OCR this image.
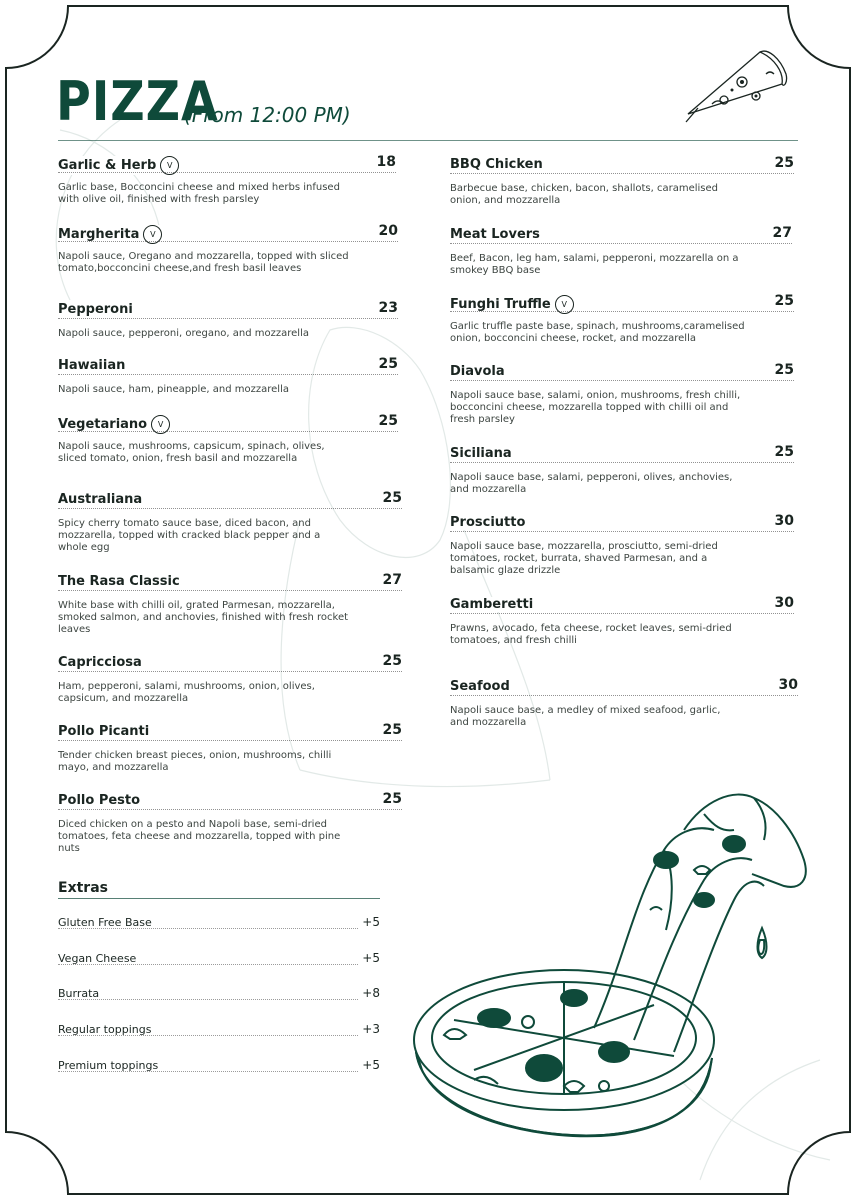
PIZZA
(From 12:00 PM)
Garlic & Herb V	18
Garlic base, Bocconcini cheese and mixed herbs infused with olive oil, finished with fresh parsley
Margherita V	20
Napoli sauce, Oregano and mozzarella, topped with sliced tomato,bocconcini cheese,and fresh basil leaves
Pepperoni	23
Napoli sauce, pepperoni, oregano, and mozzarella
Hawaiian	25
Napoli sauce, ham, pineapple, and mozzarella
Vegetariano V	25
Napoli sauce, mushrooms, capsicum, spinach, olives, sliced tomato, onion, fresh basil and mozzarella
Australiana	25
Spicy cherry tomato sauce base, diced bacon, and mozzarella, topped with cracked black pepper and a whole egg
The Rasa Classic	27
White base with chilli oil, grated Parmesan, mozzarella, smoked salmon, and anchovies, finished with fresh rocket leaves
Capricciosa	25
Ham, pepperoni, salami, mushrooms, onion, olives, capsicum, and mozzarella
Pollo Picanti	25
Tender chicken breast pieces, onion, mushrooms, chilli mayo, and mozzarella
Pollo Pesto	25
Diced chicken on a pesto and Napoli base, semi-dried tomatoes, feta cheese and mozzarella, topped with pine nuts
BBQ Chicken	25
Barbecue base, chicken, bacon, shallots, caramelised onion, and mozzarella
Meat Lovers	27
Beef, Bacon, leg ham, salami, pepperoni, mozzarella on a smokey BBQ base
Funghi Truffle V	25
Garlic truffle paste base, spinach, mushrooms,caramelised onion, bocconcini cheese, rocket, and mozzarella
Diavola	25
Napoli sauce base, salami, onion, mushrooms, fresh chilli, bocconcini cheese, mozzarella topped with chilli oil and fresh parsley
Siciliana	25
Napoli sauce base, salami, pepperoni, olives, anchovies, and mozzarella
Prosciutto	30
Napoli sauce base, mozzarella, prosciutto, semi-dried tomatoes, rocket, burrata, shaved Parmesan, and a balsamic glaze drizzle
Gamberetti	30
Prawns, avocado, feta cheese, rocket leaves, semi-dried tomatoes, and fresh chilli
Seafood	30
Napoli sauce base, a medley of mixed seafood, garlic, and mozzarella
Extras
Gluten Free Base	+5
Vegan Cheese	+5
Burrata	+8
Regular toppings	+3
Premium toppings	+5
